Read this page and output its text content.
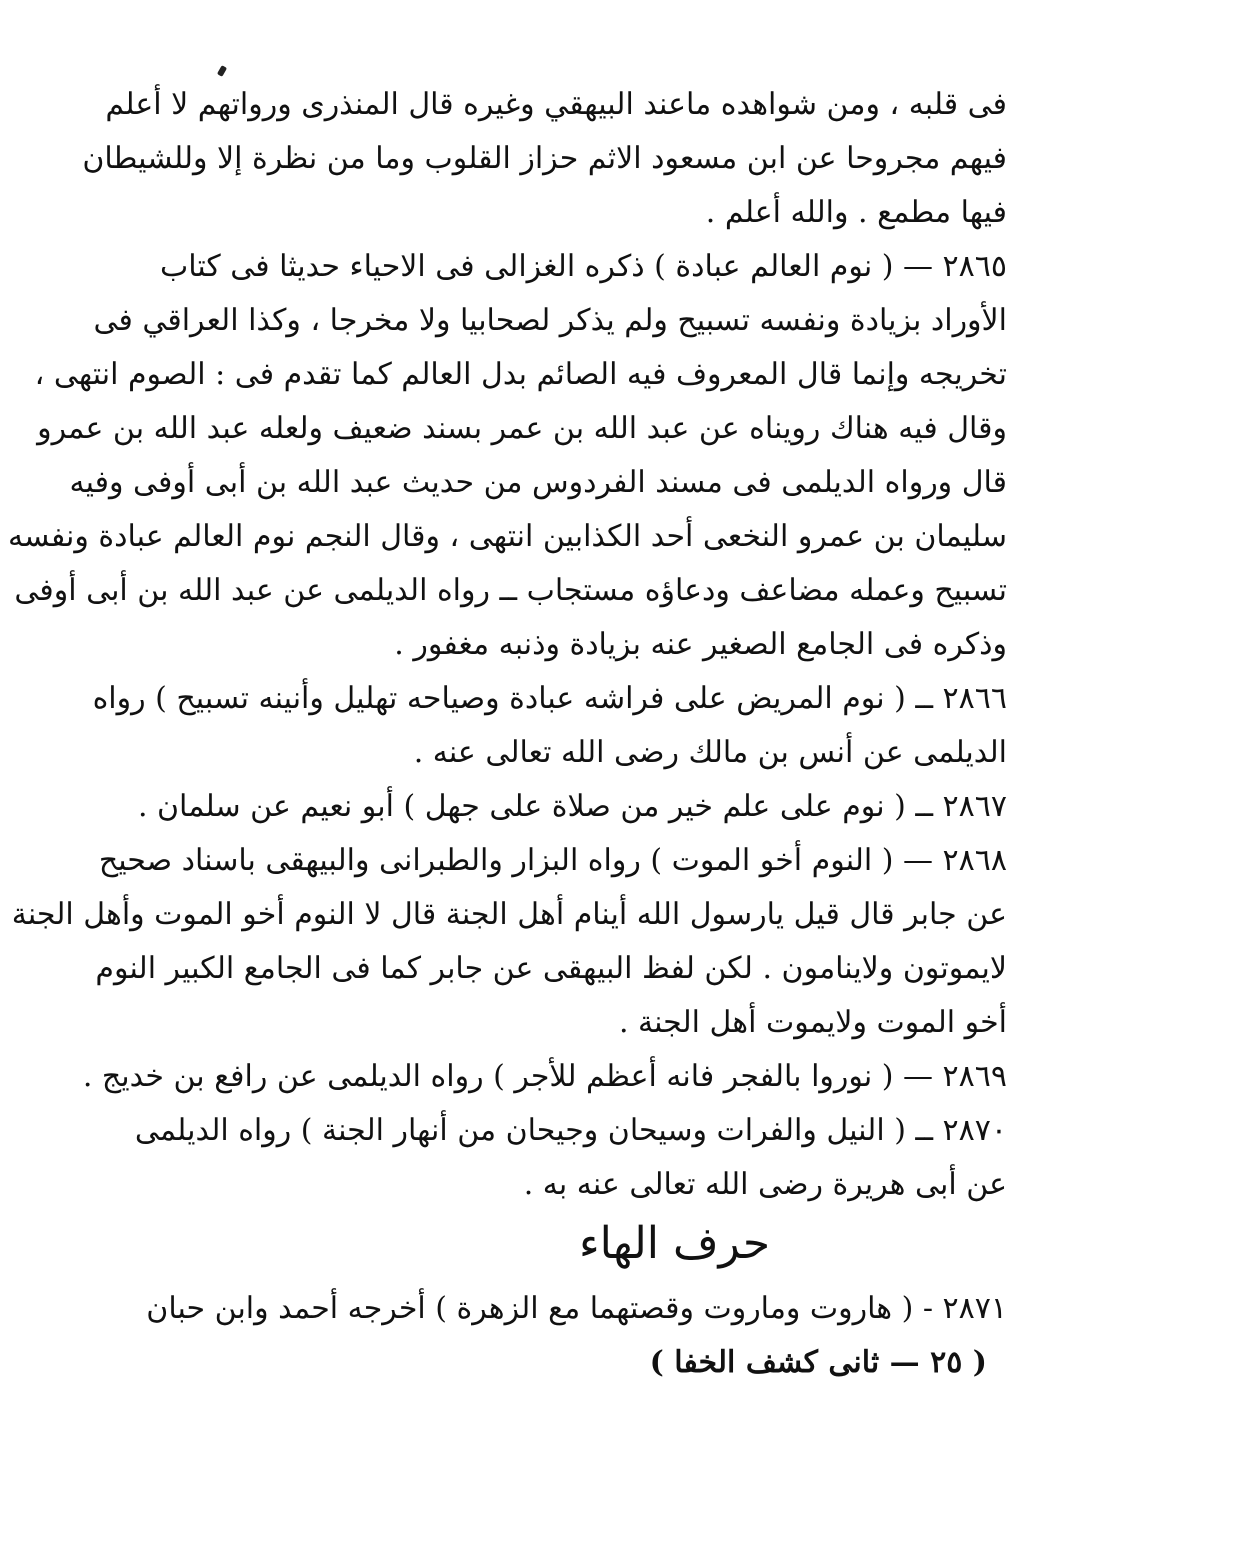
فى قلبه ، ومن شواهده ماعند البيهقي وغيره قال المنذرى ورواتهم لا أعلم
فيهم مجروحا عن ابن مسعود الاثم حزاز القلوب وما من نظرة إلا وللشيطان
فيها مطمع . والله أعلم .
٢٨٦٥ — ( نوم العالم عبادة ) ذكره الغزالى فى الاحياء حديثا فى كتاب
الأوراد بزيادة ونفسه تسبيح ولم يذكر لصحابيا ولا مخرجا ، وكذا العراقي فى
تخريجه وإنما قال المعروف فيه الصائم بدل العالم كما تقدم فى : الصوم انتهى ،
وقال فيه هناك رويناه عن عبد الله بن عمر بسند ضعيف ولعله عبد الله بن عمرو
قال ورواه الديلمى فى مسند الفردوس من حديث عبد الله بن أبى أوفى وفيه
سليمان بن عمرو النخعى أحد الكذابين انتهى ، وقال النجم نوم العالم عبادة ونفسه
تسبيح وعمله مضاعف ودعاؤه مستجاب ــ رواه الديلمى عن عبد الله بن أبى أوفى
وذكره فى الجامع الصغير عنه بزيادة وذنبه مغفور .
٢٨٦٦ ــ ( نوم المريض على فراشه عبادة وصياحه تهليل وأنينه تسبيح ) رواه
الديلمى عن أنس بن مالك رضى الله تعالى عنه .
٢٨٦٧ ــ ( نوم على علم خير من صلاة على جهل ) أبو نعيم عن سلمان .
٢٨٦٨ — ( النوم أخو الموت ) رواه البزار والطبرانى والبيهقى باسناد صحيح
عن جابر قال قيل يارسول الله أينام أهل الجنة قال لا النوم أخو الموت وأهل الجنة
لايموتون ولاينامون . لكن لفظ البيهقى عن جابر كما فى الجامع الكبير النوم
أخو الموت ولايموت أهل الجنة .
٢٨٦٩ — ( نوروا بالفجر فانه أعظم للأجر ) رواه الديلمى عن رافع بن خديج .
٢٨٧٠ ــ ( النيل والفرات وسيحان وجيحان من أنهار الجنة ) رواه الديلمى
عن أبى هريرة رضى الله تعالى عنه به .
حرف الهاء
٢٨٧١ - ( هاروت وماروت وقصتهما مع الزهرة ) أخرجه أحمد وابن حبان
( ٢٥ — ثانى كشف الخفا )
